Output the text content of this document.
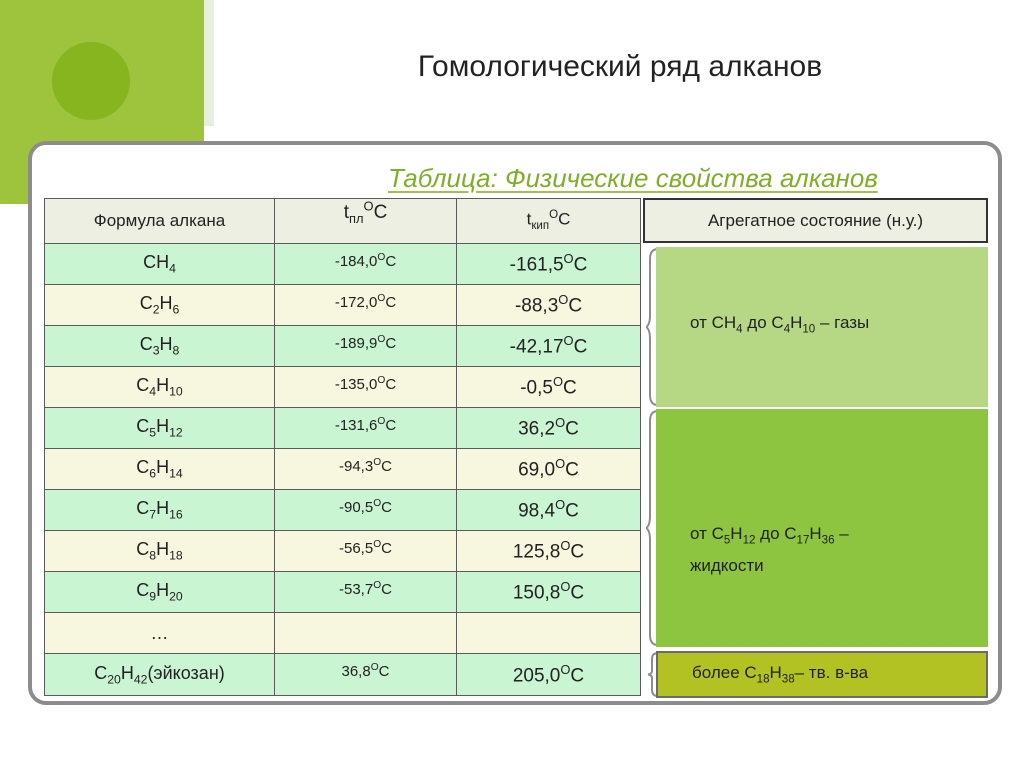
Гомологический ряд алканов
Таблица: Физические свойства алканов
Формула алкана	$t_{пл}^OC$	$t_{кип}^OC$
$CH_4$	$-184,0^OC$	$-161,5^OC$
$C_2H_6$	$-172,0^OC$	$-88,3^OC$
$C_3H_8$	$-189,9^OC$	$-42,17^OC$
$C_4H_{10}$	$-135,0^OC$	$-0,5^OC$
$C_5H_{12}$	$-131,6^OC$	$36,2^OC$
$C_6H_{14}$	$-94,3^OC$	$69,0^OC$
$C_7H_{16}$	$-90,5^OC$	$98,4^OC$
$C_8H_{18}$	$-56,5^OC$	$125,8^OC$
$C_9H_{20}$	$-53,7^OC$	$150,8^OC$
…		
$C_{20}H_{42}(эйкозан)$	$36,8^OC$	$205,0^OC$
Агрегатное состояние (н.у.)
от $CH_4$ до $C_4H_{10}$ – газы
от $C_5H_{12}$ до $C_{17}H_{36}$ –
жидкости
более $C_{18}H_{38}-$ тв. в-ва
